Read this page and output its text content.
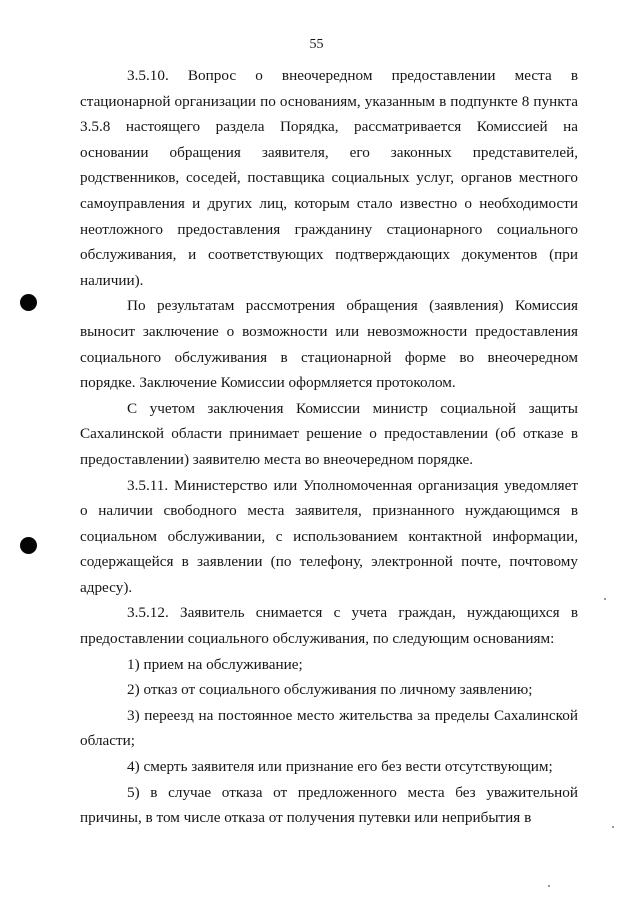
55

3.5.10. Вопрос о внеочередном предоставлении места в стационарной организации по основаниям, указанным в подпункте 8 пункта 3.5.8 настоящего раздела Порядка, рассматривается Комиссией на основании обращения заявителя, его законных представителей, родственников, соседей, поставщика социальных услуг, органов местного самоуправления и других лиц, которым стало известно о необходимости неотложного предоставления гражданину стационарного социального обслуживания, и соответствующих подтверждающих документов (при наличии).

По результатам рассмотрения обращения (заявления) Комиссия выносит заключение о возможности или невозможности предоставления социального обслуживания в стационарной форме во внеочередном порядке. Заключение Комиссии оформляется протоколом.

С учетом заключения Комиссии министр социальной защиты Сахалинской области принимает решение о предоставлении (об отказе в предоставлении) заявителю места во внеочередном порядке.

3.5.11. Министерство или Уполномоченная организация уведомляет о наличии свободного места заявителя, признанного нуждающимся в социальном обслуживании, с использованием контактной информации, содержащейся в заявлении (по телефону, электронной почте, почтовому адресу).

3.5.12. Заявитель снимается с учета граждан, нуждающихся в предоставлении социального обслуживания, по следующим основаниям:

1) прием на обслуживание;

2) отказ от социального обслуживания по личному заявлению;

3) переезд на постоянное место жительства за пределы Сахалинской области;

4) смерть заявителя или признание его без вести отсутствующим;

5) в случае отказа от предложенного места без уважительной причины, в том числе отказа от получения путевки или неприбытия в
